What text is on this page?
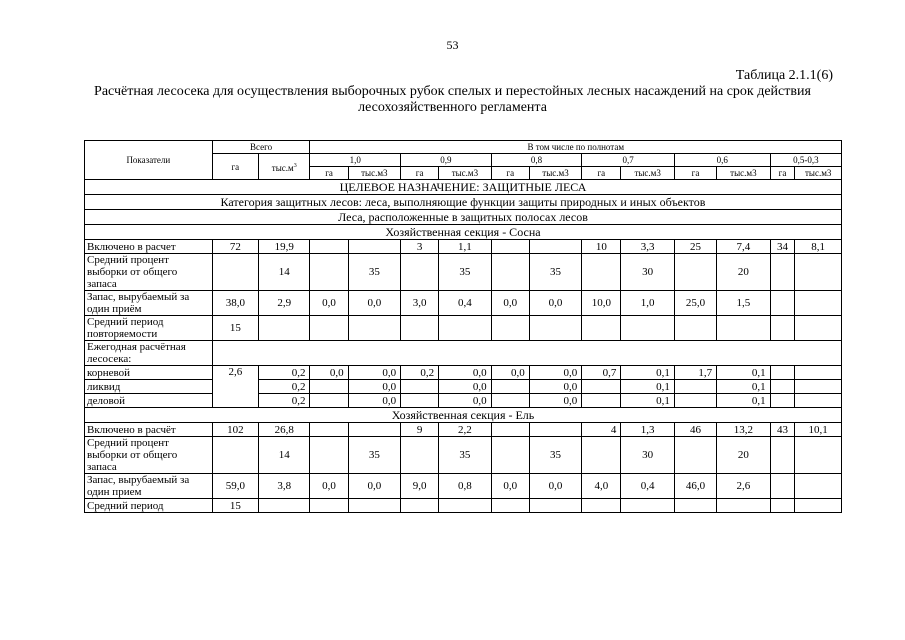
53
Таблица 2.1.1(6)
Расчётная лесосека для осуществления выборочных рубок спелых и перестойных лесных насаждений на срок действия лесохозяйственного регламента
Показатели	Всего		В том числе по полнотам											
	га	$тыс.м^3$	1,0		0,9		0,8		0,7		0,6		0,5-0,3	
			га	тыс.м3	га	тыс.м3	га	тыс.м3	га	тыс.м3	га	тыс.м3	га	тыс.м3
ЦЕЛЕВОЕ НАЗНАЧЕНИЕ: ЗАЩИТНЫЕ ЛЕСА														
Категория защитных лесов: леса, выполняющие функции защиты природных и иных объектов														
Леса, расположенные в защитных полосах лесов														
Хозяйственная секция - Сосна														
Включено в расчет	72	19,9			3	1,1			10	3,3	25	7,4	34	8,1
Средний процент выборки от общего запаса		14		35		35		35		30		20		
Запас, вырубаемый за один приём	38,0	2,9	0,0	0,0	3,0	0,4	0,0	0,0	10,0	1,0	25,0	1,5		
Средний период повторяемости	15													
Ежегодная расчётная лесосека:														
корневой	2,6	0,2	0,0	0,0	0,2	0,0	0,0	0,0	0,7	0,1	1,7	0,1		
ликвид		0,2		0,0		0,0		0,0		0,1		0,1		
деловой		0,2		0,0		0,0		0,0		0,1		0,1		
Хозяйственная секция - Ель														
Включено в расчёт	102	26,8			9	2,2			4	1,3	46	13,2	43	10,1
Средний процент выборки от общего запаса		14		35		35		35		30		20		
Запас, вырубаемый за один прием	59,0	3,8	0,0	0,0	9,0	0,8	0,0	0,0	4,0	0,4	46,0	2,6		
Средний период	15													
